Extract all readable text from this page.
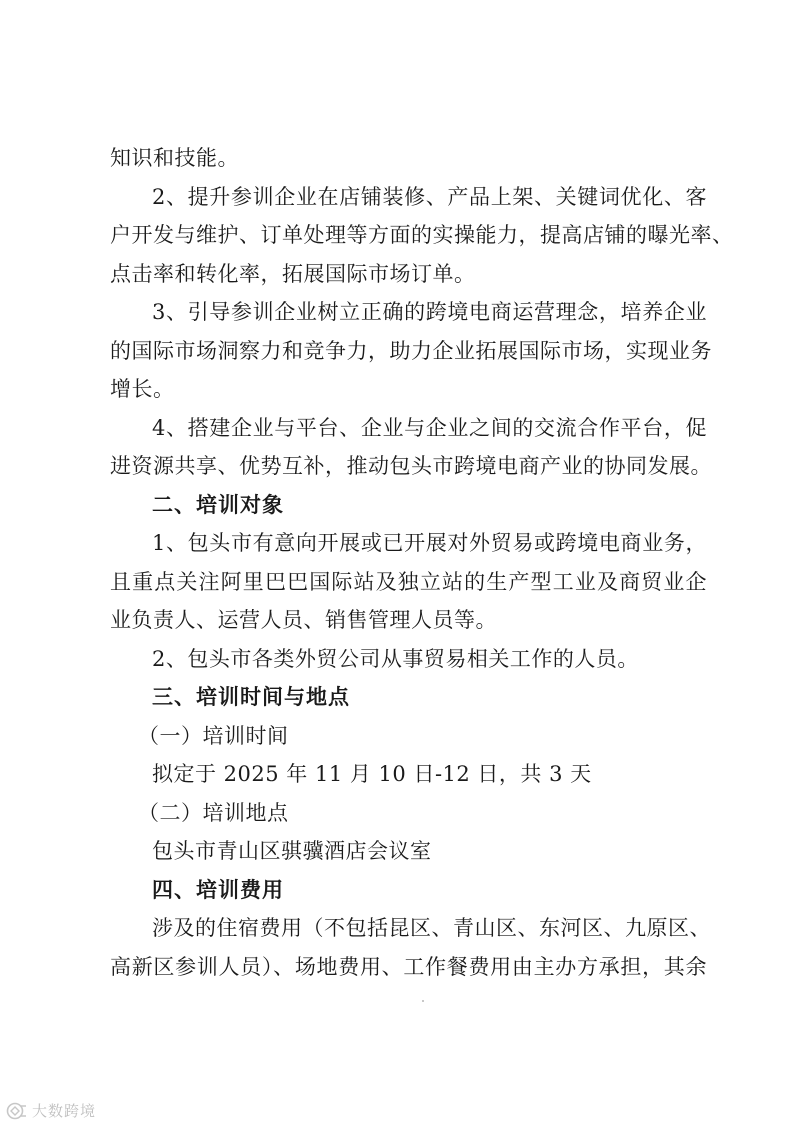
知识和技能。
2、提升参训企业在店铺装修、产品上架、关键词优化、客
户开发与维护、订单处理等方面的实操能力，提高店铺的曝光率、
点击率和转化率，拓展国际市场订单。
3、引导参训企业树立正确的跨境电商运营理念，培养企业
的国际市场洞察力和竞争力，助力企业拓展国际市场，实现业务
增长。
4、搭建企业与平台、企业与企业之间的交流合作平台，促
进资源共享、优势互补，推动包头市跨境电商产业的协同发展。
二、培训对象
1、包头市有意向开展或已开展对外贸易或跨境电商业务，
且重点关注阿里巴巴国际站及独立站的生产型工业及商贸业企
业负责人、运营人员、销售管理人员等。
2、包头市各类外贸公司从事贸易相关工作的人员。
三、培训时间与地点
（一）培训时间
拟定于 2025 年 11 月 10 日-12 日，共 3 天
（二）培训地点
包头市青山区骐骥酒店会议室
四、培训费用
涉及的住宿费用（不包括昆区、青山区、东河区、九原区、
高新区参训人员）、场地费用、工作餐费用由主办方承担，其余
大数跨境
